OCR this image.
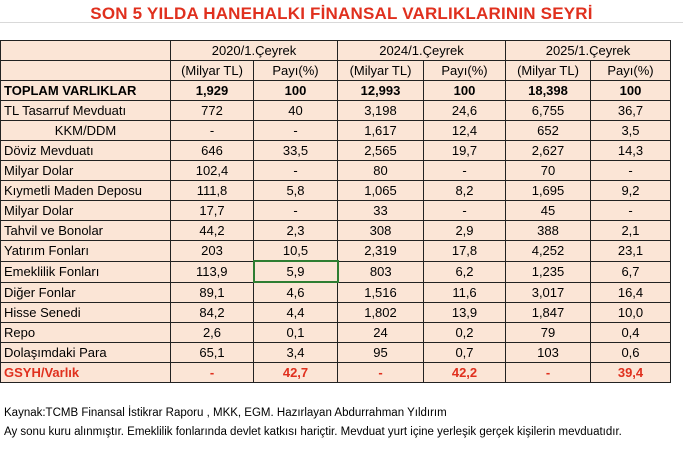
SON 5 YILDA HANEHALKI FİNANSAL VARLIKLARININ SEYRİ
	2020/1.Çeyrek		2024/1.Çeyrek		2025/1.Çeyrek	
	(Milyar TL)	Payı(%)	(Milyar TL)	Payı(%)	(Milyar TL)	Payı(%)
TOPLAM VARLIKLAR	1,929	100	12,993	100	18,398	100
TL Tasarruf Mevduatı	772	40	3,198	24,6	6,755	36,7
KKM/DDM	-	-	1,617	12,4	652	3,5
Döviz Mevduatı	646	33,5	2,565	19,7	2,627	14,3
Milyar Dolar	102,4	-	80	-	70	-
Kıymetli Maden Deposu	111,8	5,8	1,065	8,2	1,695	9,2
Milyar Dolar	17,7	-	33	-	45	-
Tahvil ve Bonolar	44,2	2,3	308	2,9	388	2,1
Yatırım Fonları	203	10,5	2,319	17,8	4,252	23,1
Emeklilik Fonları	113,9	5,9	803	6,2	1,235	6,7
Diğer Fonlar	89,1	4,6	1,516	11,6	3,017	16,4
Hisse Senedi	84,2	4,4	1,802	13,9	1,847	10,0
Repo	2,6	0,1	24	0,2	79	0,4
Dolaşımdaki Para	65,1	3,4	95	0,7	103	0,6
GSYH/Varlık	-	42,7	-	42,2	-	39,4
Kaynak:TCMB Finansal İstikrar Raporu , MKK, EGM. Hazırlayan Abdurrahman Yıldırım
Ay sonu kuru alınmıştır. Emeklilik fonlarında devlet katkısı hariçtir. Mevduat yurt içine yerleşik gerçek kişilerin mevduatıdır.
